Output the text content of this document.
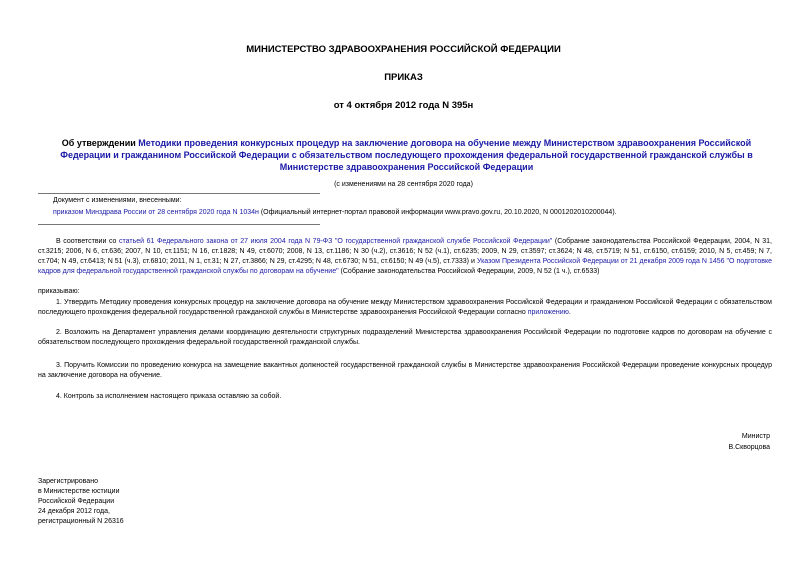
МИНИСТЕРСТВО ЗДРАВООХРАНЕНИЯ РОССИЙСКОЙ ФЕДЕРАЦИИ
ПРИКАЗ
от 4 октября 2012 года N 395н
Об утверждении Методики проведения конкурсных процедур на заключение договора на обучение между Министерством здравоохранения Российской Федерации и гражданином Российской Федерации с обязательством последующего прохождения федеральной государственной гражданской службы в Министерстве здравоохранения Российской Федерации
(с изменениями на 28 сентября 2020 года)
Документ с изменениями, внесенными:
приказом Минздрава России от 28 сентября 2020 года N 1034н (Официальный интернет-портал правовой информации www.pravo.gov.ru, 20.10.2020, N 0001202010200044).
В соответствии со статьей 61 Федерального закона от 27 июля 2004 года N 79-ФЗ "О государственной гражданской службе Российской Федерации" (Собрание законодательства Российской Федерации, 2004, N 31, ст.3215; 2006, N 6, ст.636; 2007, N 10, ст.1151; N 16, ст.1828; N 49, ст.6070; 2008, N 13, ст.1186; N 30 (ч.2), ст.3616; N 52 (ч.1), ст.6235; 2009, N 29, ст.3597; ст.3624; N 48, ст.5719; N 51, ст.6150, ст.6159; 2010, N 5, ст.459; N 7, ст.704; N 49, ст.6413; N 51 (ч.3), ст.6810; 2011, N 1, ст.31; N 27, ст.3866; N 29, ст.4295; N 48, ст.6730; N 51, ст.6150; N 49 (ч.5), ст.7333) и Указом Президента Российской Федерации от 21 декабря 2009 года N 1456 "О подготовке кадров для федеральной государственной гражданской службы по договорам на обучение" (Собрание законодательства Российской Федерации, 2009, N 52 (1 ч.), ст.6533)
приказываю:
1. Утвердить Методику проведения конкурсных процедур на заключение договора на обучение между Министерством здравоохранения Российской Федерации и гражданином Российской Федерации с обязательством последующего прохождения федеральной государственной гражданской службы в Министерстве здравоохранения Российской Федерации согласно приложению.
2. Возложить на Департамент управления делами координацию деятельности структурных подразделений Министерства здравоохранения Российской Федерации по подготовке кадров по договорам на обучение с обязательством последующего прохождения федеральной государственной гражданской службы.
3. Поручить Комиссии по проведению конкурса на замещение вакантных должностей государственной гражданской службы в Министерстве здравоохранения Российской Федерации проведение конкурсных процедур на заключение договора на обучение.
4. Контроль за исполнением настоящего приказа оставляю за собой.
Министр
В.Скворцова
Зарегистрировано
в Министерстве юстиции
Российской Федерации
24 декабря 2012 года,
регистрационный N 26316
